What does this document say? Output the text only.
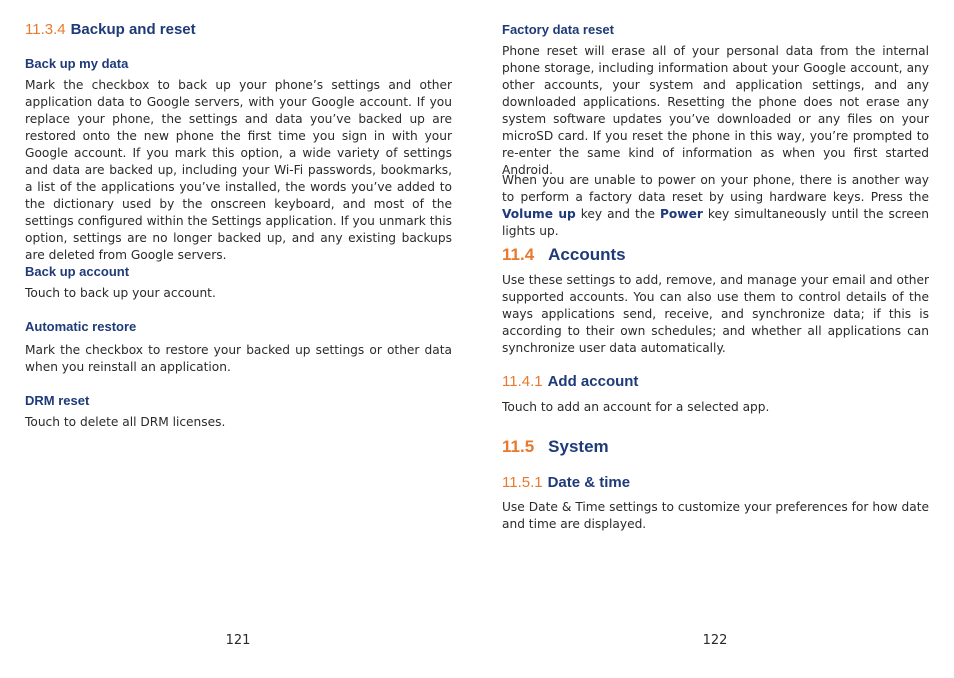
11.3.4 Backup and reset
Back up my data

Mark the checkbox to back up your phone’s settings and other application data to Google servers, with your Google account. If you replace your phone, the settings and data you’ve backed up are restored onto the new phone the first time you sign in with your Google account. If you mark this option, a wide variety of settings and data are backed up, including your Wi-Fi passwords, bookmarks, a list of the applications you’ve installed, the words you’ve added to the dictionary used by the onscreen keyboard, and most of the settings configured within the Settings application. If you unmark this option, settings are no longer backed up, and any existing backups are deleted from Google servers.

Back up account

Touch to back up your account.

Automatic restore

Mark the checkbox to restore your backed up settings or other data when you reinstall an application.

DRM reset

Touch to delete all DRM licenses.

121
Factory data reset

Phone reset will erase all of your personal data from the internal phone storage, including information about your Google account, any other accounts, your system and application settings, and any downloaded applications. Resetting the phone does not erase any system software updates you’ve downloaded or any files on your microSD card. If you reset the phone in this way, you’re prompted to re-enter the same kind of information as when you first started Android.

When you are unable to power on your phone, there is another way to perform a factory data reset by using hardware keys. Press the Volume up key and the Power key simultaneously until the screen lights up.

11.4 Accounts

Use these settings to add, remove, and manage your email and other supported accounts. You can also use them to control details of the ways applications send, receive, and synchronize data; if this is according to their own schedules; and whether all applications can synchronize user data automatically.

11.4.1 Add account

Touch to add an account for a selected app.

11.5 System
11.5.1 Date & time

Use Date & Time settings to customize your preferences for how date and time are displayed.

122
